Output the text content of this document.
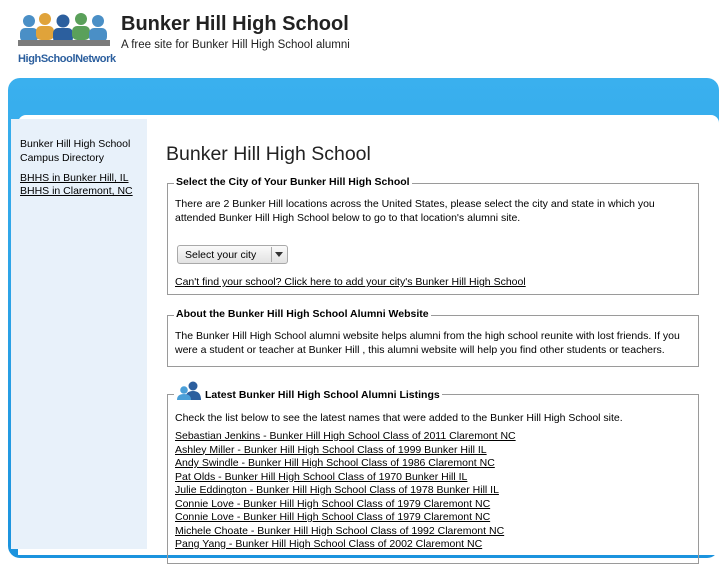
HighSchoolNetwork
Bunker Hill High School
A free site for Bunker Hill High School alumni
Bunker Hill High School Campus Directory
BHHS in Bunker Hill, IL
BHHS in Claremont, NC
Bunker Hill High School
Select the City of Your Bunker Hill High School

There are 2 Bunker Hill locations across the United States, please select the city and state in which you attended Bunker Hill High School below to go to that location's alumni site.

Select your city
Can't find your school? Click here to add your city's Bunker Hill High School
About the Bunker Hill High School Alumni Website

The Bunker Hill High School alumni website helps alumni from the high school reunite with lost friends. If you were a student or teacher at Bunker Hill , this alumni website will help you find other students or teachers.

Latest Bunker Hill High School Alumni Listings

Check the list below to see the latest names that were added to the Bunker Hill High School site.

Sebastian Jenkins - Bunker Hill High School Class of 2011 Claremont NC
Ashley Miller - Bunker Hill High School Class of 1999 Bunker Hill IL
Andy Swindle - Bunker Hill High School Class of 1986 Claremont NC
Pat Olds - Bunker Hill High School Class of 1970 Bunker Hill IL
Julie Eddington - Bunker Hill High School Class of 1978 Bunker Hill IL
Connie Love - Bunker Hill High School Class of 1979 Claremont NC
Connie Love - Bunker Hill High School Class of 1979 Claremont NC
Michele Choate - Bunker Hill High School Class of 1992 Claremont NC
Pang Yang - Bunker Hill High School Class of 2002 Claremont NC
